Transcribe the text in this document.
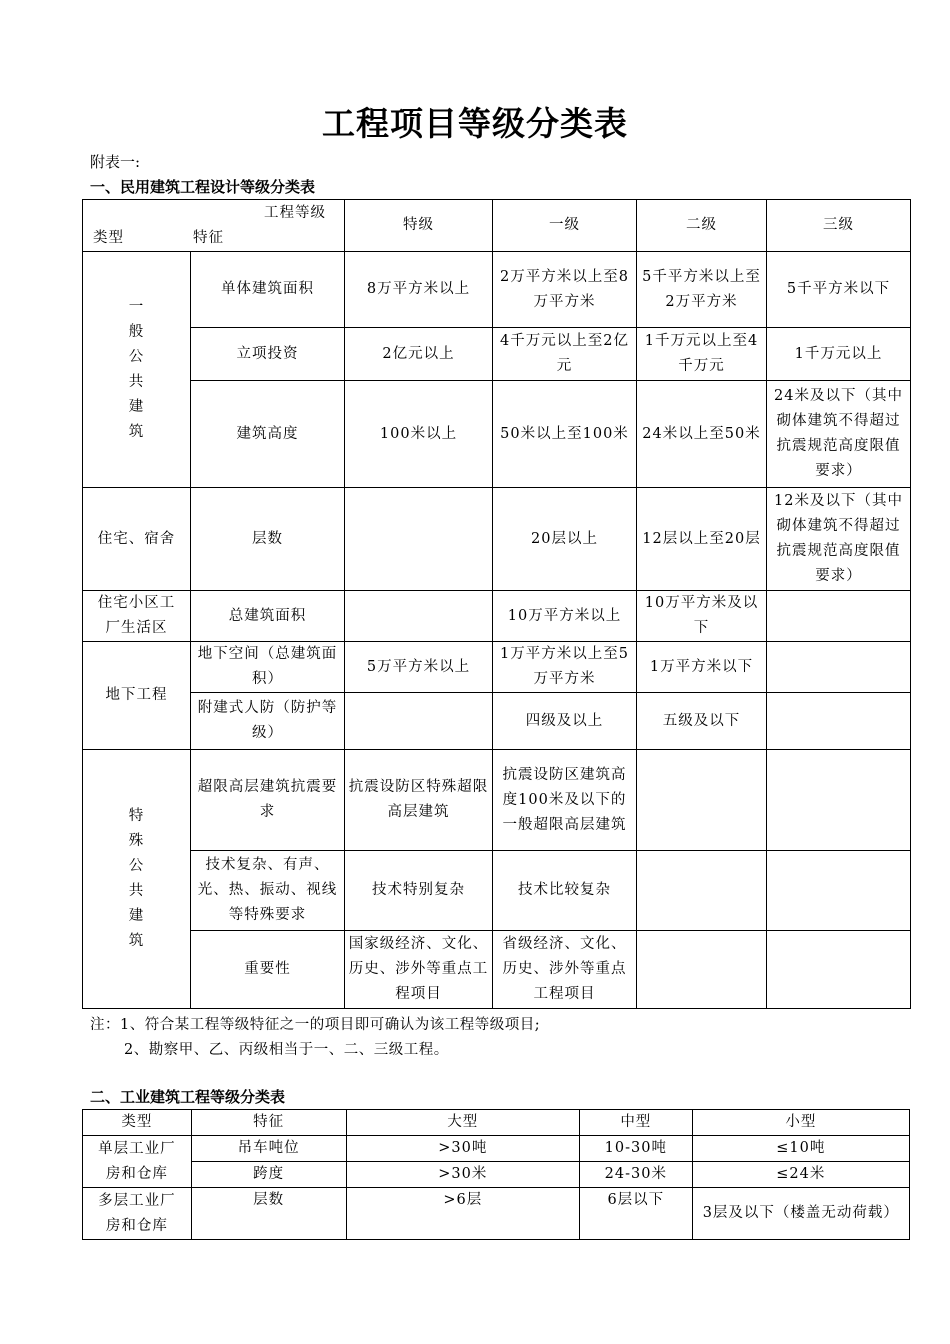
工程项目等级分类表
附表一:
一、民用建筑工程设计等级分类表
工程等级
类型 特征		特级	一级	二级	三级
一般公共建筑	单体建筑面积	8万平方米以上	2万平方米以上至8万平方米	5千平方米以上至2万平方米	5千平方米以下
	立项投资	2亿元以上	4千万元以上至2亿元	1千万元以上至4千万元	1千万元以上
	建筑高度	100米以上	50米以上至100米	24米以上至50米	24米及以下（其中砌体建筑不得超过抗震规范高度限值要求）
住宅、宿舍	层数		20层以上	12层以上至20层	12米及以下（其中砌体建筑不得超过抗震规范高度限值要求）
住宅小区工厂生活区	总建筑面积		10万平方米以上	10万平方米及以下	
地下工程	地下空间（总建筑面积）	5万平方米以上	1万平方米以上至5万平方米	1万平方米以下	
	附建式人防（防护等级）		四级及以上	五级及以下	
特殊公共建筑	超限高层建筑抗震要求	抗震设防区特殊超限高层建筑	抗震设防区建筑高度100米及以下的一般超限高层建筑		
	技术复杂、有声、光、热、振动、视线等特殊要求	技术特别复杂	技术比较复杂		
	重要性	国家级经济、文化、历史、涉外等重点工程项目	省级经济、文化、历史、涉外等重点工程项目		
注：1、符合某工程等级特征之一的项目即可确认为该工程等级项目;
2、勘察甲、乙、丙级相当于一、二、三级工程。
二、工业建筑工程等级分类表
类型	特征	大型	中型	小型
单层工业厂房和仓库	吊车吨位	>30吨	10-30吨	≤10吨
	跨度	>30米	24-30米	≤24米
多层工业厂房和仓库	层数	>6层	6层以下	3层及以下（楼盖无动荷载）
